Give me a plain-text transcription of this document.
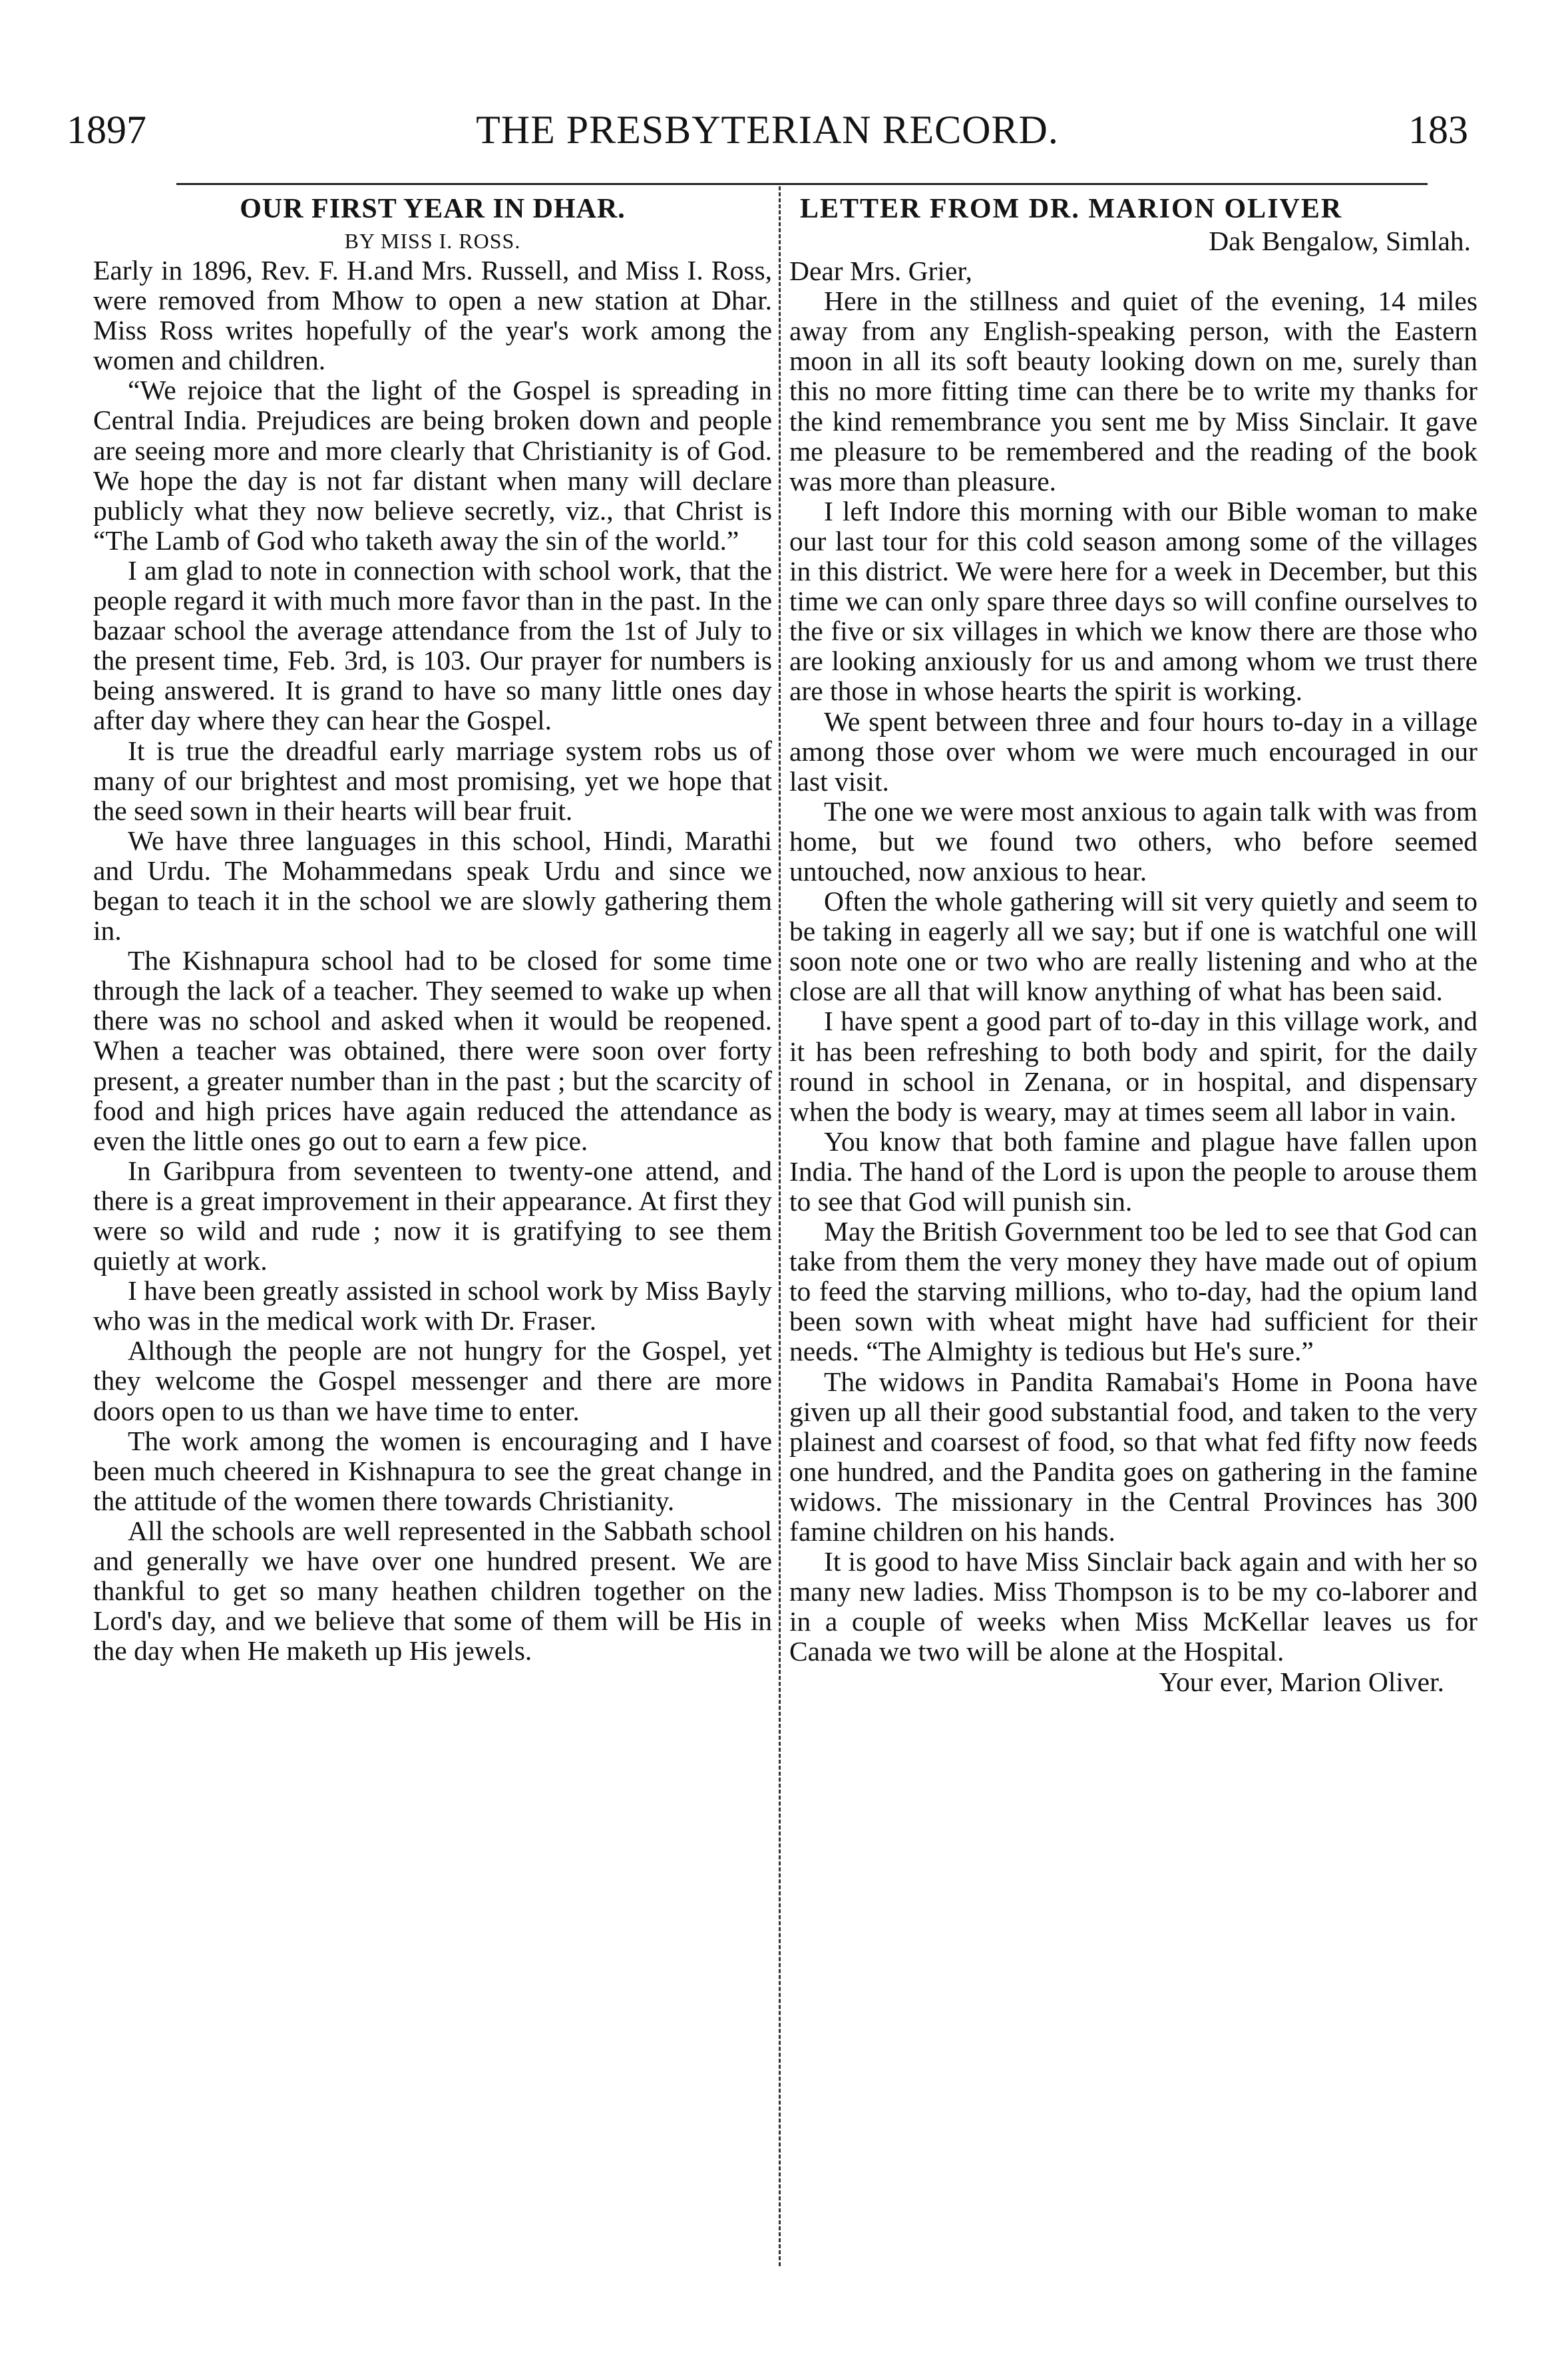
1897	THE PRESBYTERIAN RECORD.	183
OUR FIRST YEAR IN DHAR.

BY MISS I. ROSS.

Early in 1896, Rev. F. H.and Mrs. Russell, and Miss I. Ross, were removed from Mhow to open a new station at Dhar. Miss Ross writes hopefully of the year's work among the women and children.

“We rejoice that the light of the Gospel is spreading in Central India. Prejudices are being broken down and people are seeing more and more clearly that Christianity is of God. We hope the day is not far distant when many will declare publicly what they now believe secretly, viz., that Christ is “The Lamb of God who taketh away the sin of the world.”

I am glad to note in connection with school work, that the people regard it with much more favor than in the past. In the bazaar school the average attendance from the 1st of July to the present time, Feb. 3rd, is 103. Our prayer for numbers is being answered. It is grand to have so many little ones day after day where they can hear the Gospel.

It is true the dreadful early marriage system robs us of many of our brightest and most promising, yet we hope that the seed sown in their hearts will bear fruit.

We have three languages in this school, Hindi, Marathi and Urdu. The Mohammedans speak Urdu and since we began to teach it in the school we are slowly gathering them in.

The Kishnapura school had to be closed for some time through the lack of a teacher. They seemed to wake up when there was no school and asked when it would be reopened. When a teacher was obtained, there were soon over forty present, a greater number than in the past ; but the scarcity of food and high prices have again reduced the attendance as even the little ones go out to earn a few pice.

In Garibpura from seventeen to twenty-one attend, and there is a great improvement in their appearance. At first they were so wild and rude ; now it is gratifying to see them quietly at work.

I have been greatly assisted in school work by Miss Bayly who was in the medical work with Dr. Fraser.

Although the people are not hungry for the Gospel, yet they welcome the Gospel messenger and there are more doors open to us than we have time to enter.

The work among the women is encouraging and I have been much cheered in Kishnapura to see the great change in the attitude of the women there towards Christianity.

All the schools are well represented in the Sabbath school and generally we have over one hundred present. We are thankful to get so many heathen children together on the Lord's day, and we believe that some of them will be His in the day when He maketh up His jewels.

LETTER FROM DR. MARION OLIVER

Dak Bengalow, Simlah.

Dear Mrs. Grier,

Here in the stillness and quiet of the evening, 14 miles away from any English-speaking person, with the Eastern moon in all its soft beauty looking down on me, surely than this no more fitting time can there be to write my thanks for the kind remembrance you sent me by Miss Sinclair. It gave me pleasure to be remembered and the reading of the book was more than pleasure.

I left Indore this morning with our Bible woman to make our last tour for this cold season among some of the villages in this district. We were here for a week in December, but this time we can only spare three days so will confine ourselves to the five or six villages in which we know there are those who are looking anxiously for us and among whom we trust there are those in whose hearts the spirit is working.

We spent between three and four hours to-day in a village among those over whom we were much encouraged in our last visit.

The one we were most anxious to again talk with was from home, but we found two others, who before seemed untouched, now anxious to hear.

Often the whole gathering will sit very quietly and seem to be taking in eagerly all we say; but if one is watchful one will soon note one or two who are really listening and who at the close are all that will know anything of what has been said.

I have spent a good part of to-day in this village work, and it has been refreshing to both body and spirit, for the daily round in school in Zenana, or in hospital, and dispensary when the body is weary, may at times seem all labor in vain.

You know that both famine and plague have fallen upon India. The hand of the Lord is upon the people to arouse them to see that God will punish sin.

May the British Government too be led to see that God can take from them the very money they have made out of opium to feed the starving millions, who to-day, had the opium land been sown with wheat might have had sufficient for their needs. “The Almighty is tedious but He's sure.”

The widows in Pandita Ramabai's Home in Poona have given up all their good substantial food, and taken to the very plainest and coarsest of food, so that what fed fifty now feeds one hundred, and the Pandita goes on gathering in the famine widows. The missionary in the Central Provinces has 300 famine children on his hands.

It is good to have Miss Sinclair back again and with her so many new ladies. Miss Thompson is to be my co-laborer and in a couple of weeks when Miss McKellar leaves us for Canada we two will be alone at the Hospital.

Your ever, Marion Oliver.
